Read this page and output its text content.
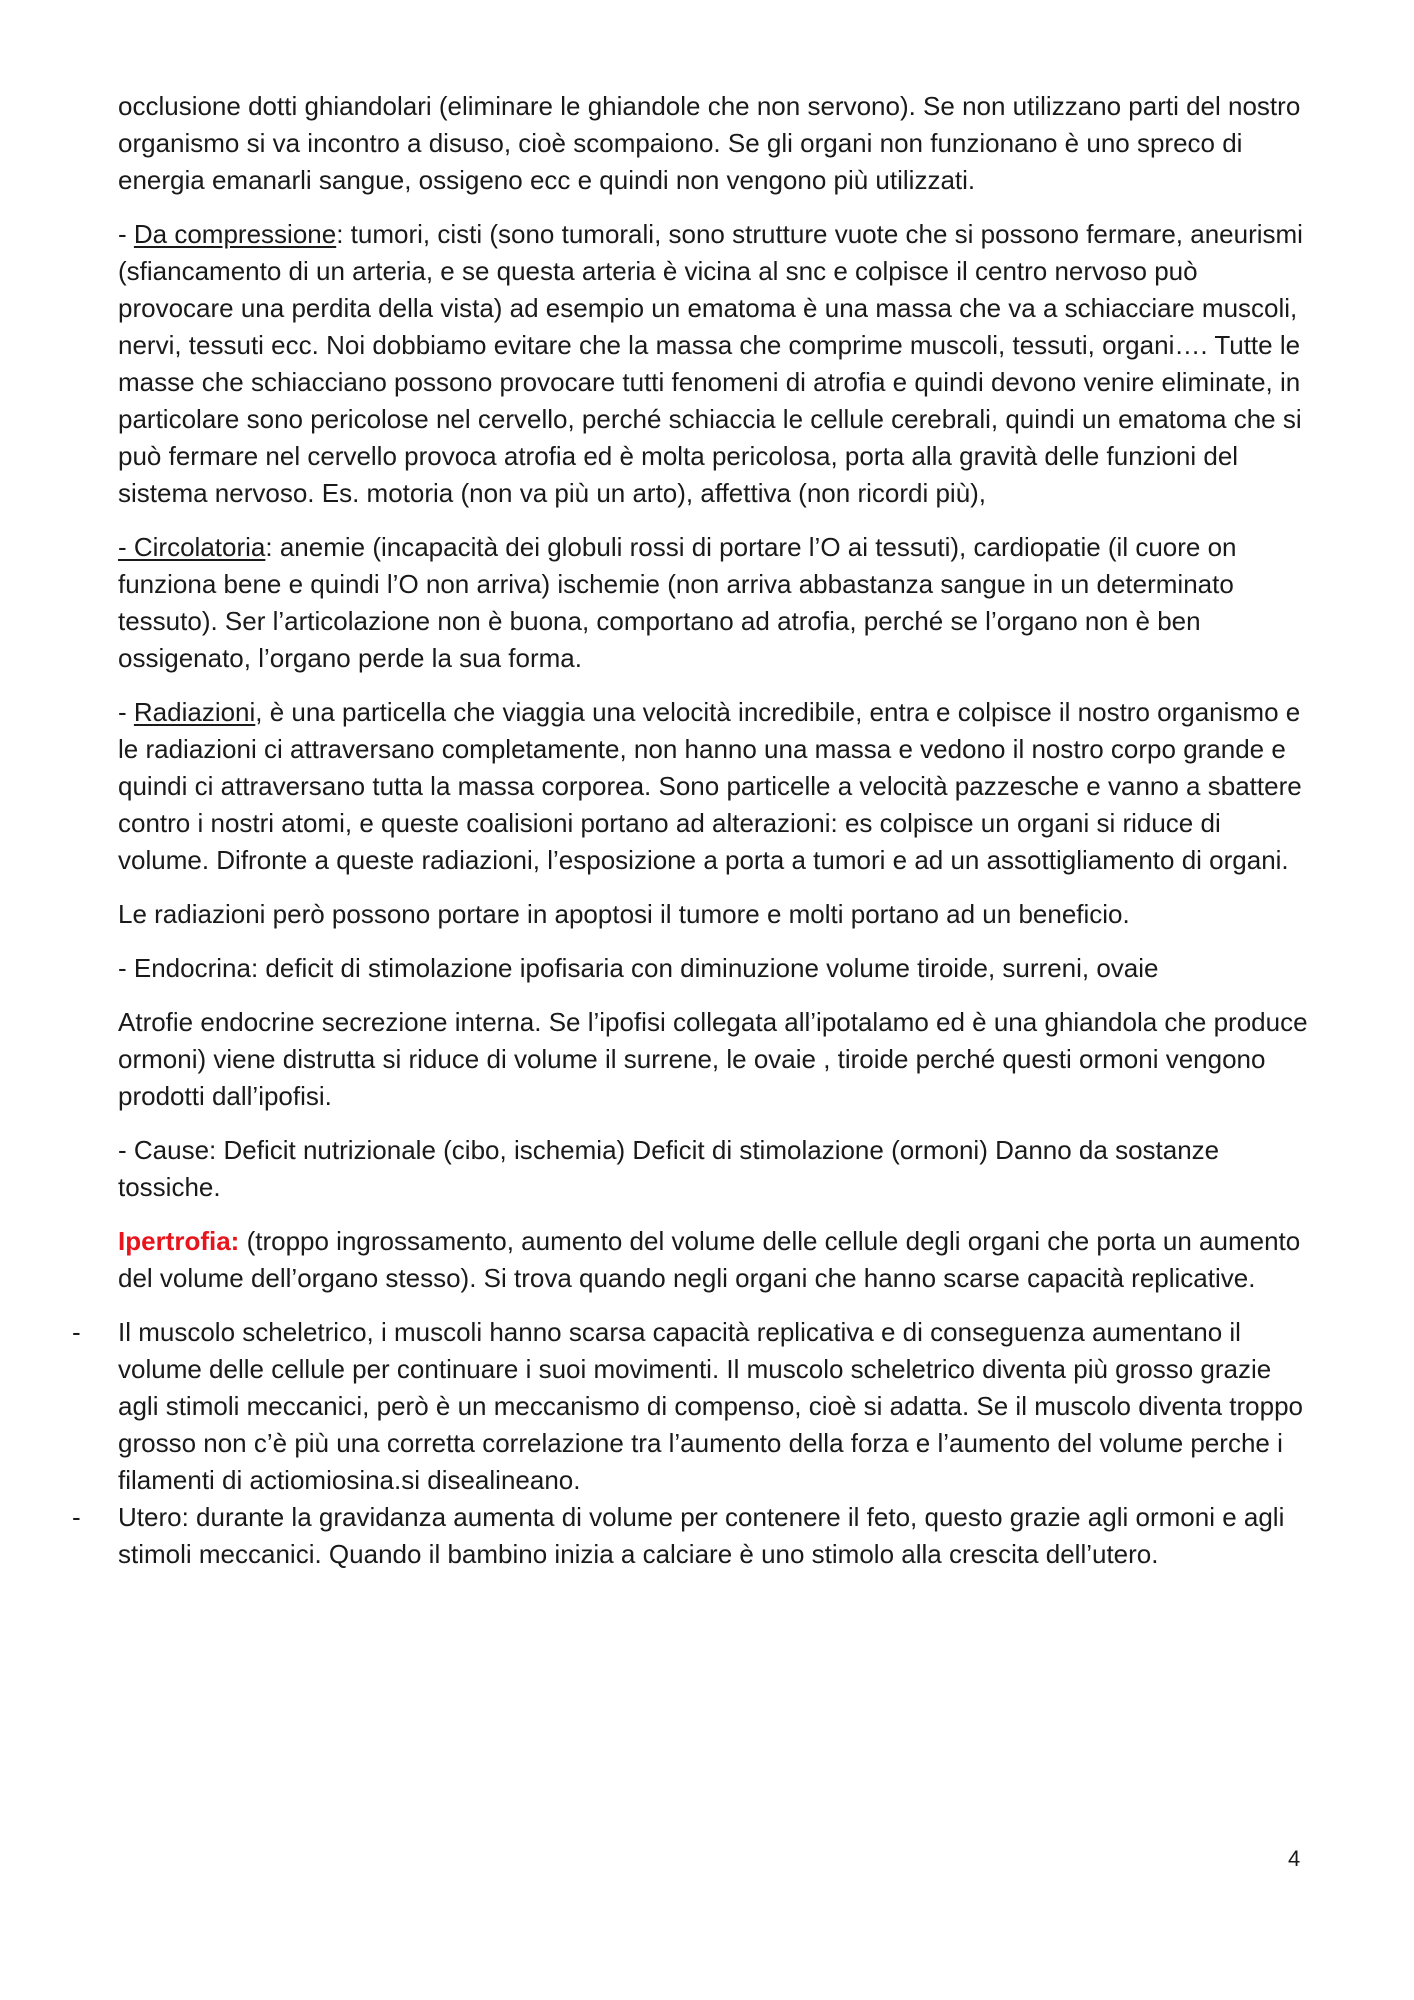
occlusione dotti ghiandolari (eliminare le ghiandole che non servono). Se non utilizzano parti del nostro organismo si va incontro a disuso, cioè scompaiono. Se gli organi non funzionano è uno spreco di energia emanarli sangue, ossigeno ecc e quindi non vengono più utilizzati.

- Da compressione: tumori, cisti (sono tumorali, sono strutture vuote che si possono fermare, aneurismi (sfiancamento di un arteria, e se questa arteria è vicina al snc e colpisce il centro nervoso può provocare una perdita della vista) ad esempio un ematoma è una massa che va a schiacciare muscoli, nervi, tessuti ecc. Noi dobbiamo evitare che la massa che comprime muscoli, tessuti, organi…. Tutte le masse che schiacciano possono provocare tutti fenomeni di atrofia e quindi devono venire eliminate, in particolare sono pericolose nel cervello, perché schiaccia le cellule cerebrali, quindi un ematoma che si può fermare nel cervello provoca atrofia ed è molta pericolosa, porta alla gravità delle funzioni del sistema nervoso. Es. motoria (non va più un arto), affettiva (non ricordi più),

- Circolatoria: anemie (incapacità dei globuli rossi di portare l’O ai tessuti), cardiopatie (il cuore on funziona bene e quindi l’O non arriva) ischemie (non arriva abbastanza sangue in un determinato tessuto). Ser l’articolazione non è buona, comportano ad atrofia, perché se l’organo non è ben ossigenato, l’organo perde la sua forma.

- Radiazioni, è una particella che viaggia una velocità incredibile, entra e colpisce il nostro organismo e le radiazioni ci attraversano completamente, non hanno una massa e vedono il nostro corpo grande e quindi ci attraversano tutta la massa corporea. Sono particelle a velocità pazzesche e vanno a sbattere contro i nostri atomi, e queste coalisioni portano ad alterazioni: es colpisce un organi si riduce di volume. Difronte a queste radiazioni, l’esposizione a porta a tumori e ad un assottigliamento di organi.

Le radiazioni però possono portare in apoptosi il tumore e molti portano ad un beneficio.

- Endocrina: deficit di stimolazione ipofisaria con diminuzione volume tiroide, surreni, ovaie

Atrofie endocrine secrezione interna. Se l’ipofisi collegata all’ipotalamo ed è una ghiandola che produce ormoni) viene distrutta si riduce di volume il surrene, le ovaie , tiroide perché questi ormoni vengono prodotti dall’ipofisi.

- Cause: Deficit nutrizionale (cibo, ischemia) Deficit di stimolazione (ormoni) Danno da sostanze tossiche.

Ipertrofia: (troppo ingrossamento, aumento del volume delle cellule degli organi che porta un aumento del volume dell’organo stesso). Si trova quando negli organi che hanno scarse capacità replicative.

- Il muscolo scheletrico, i muscoli hanno scarsa capacità replicativa e di conseguenza aumentano il volume delle cellule per continuare i suoi movimenti. Il muscolo scheletrico diventa più grosso grazie agli stimoli meccanici, però è un meccanismo di compenso, cioè si adatta. Se il muscolo diventa troppo grosso non c’è più una corretta correlazione tra l’aumento della forza e l’aumento del volume perche i filamenti di actiomiosina.si disealineano.
- Utero: durante la gravidanza aumenta di volume per contenere il feto, questo grazie agli ormoni e agli stimoli meccanici. Quando il bambino inizia a calciare è uno stimolo alla crescita dell’utero.
4
